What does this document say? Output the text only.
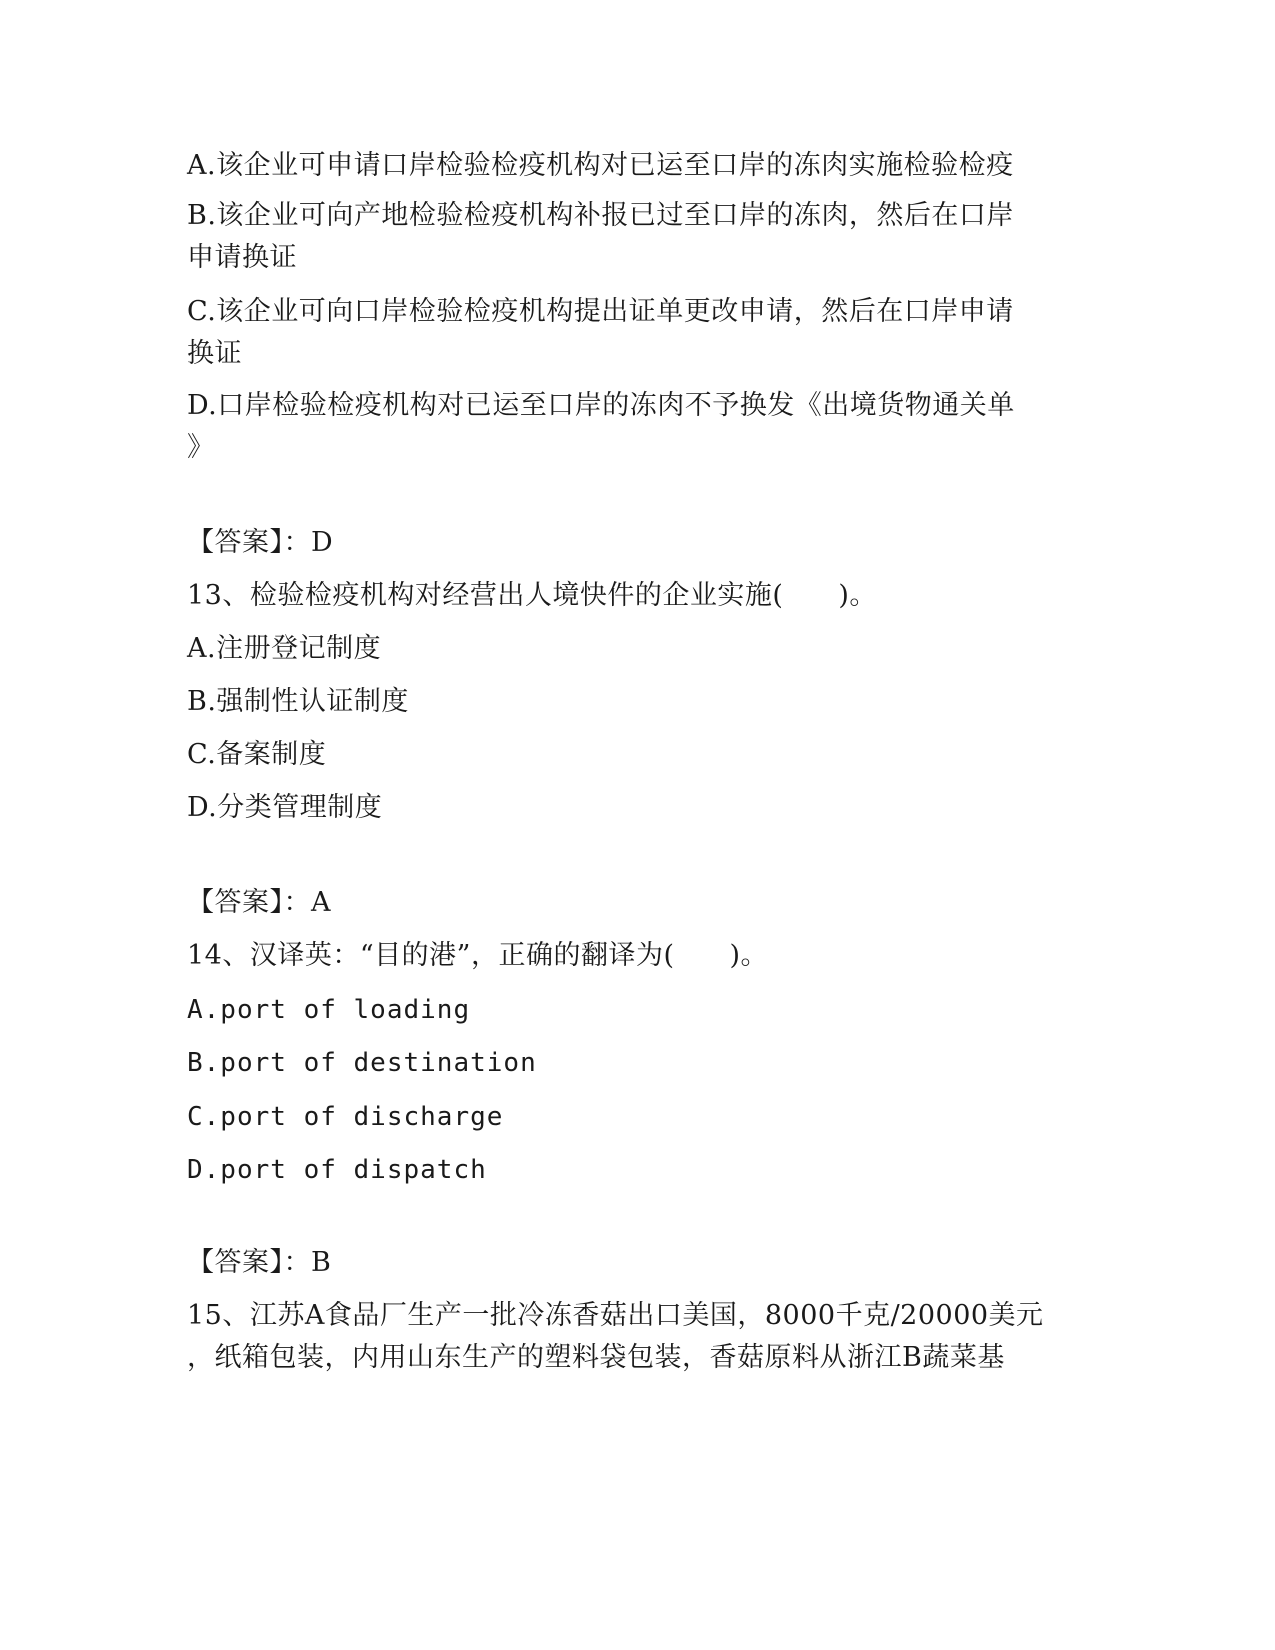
A.该企业可申请口岸检验检疫机构对已运至口岸的冻肉实施检验检疫
B.该企业可向产地检验检疫机构补报已过至口岸的冻肉，然后在口岸
申请换证
C.该企业可向口岸检验检疫机构提出证单更改申请，然后在口岸申请
换证
D.口岸检验检疫机构对已运至口岸的冻肉不予换发《出境货物通关单
》
【答案】：D
13、检验检疫机构对经营出人境快件的企业实施(　　)。
A.注册登记制度
B.强制性认证制度
C.备案制度
D.分类管理制度
【答案】：A
14、汉译英：“目的港”，正确的翻译为(　　)。
A.port of loading
B.port of destination
C.port of discharge
D.port of dispatch
【答案】：B
15、江苏A食品厂生产一批冷冻香菇出口美国，8000千克/20000美元
，纸箱包装，内用山东生产的塑料袋包装，香菇原料从浙江B蔬菜基
